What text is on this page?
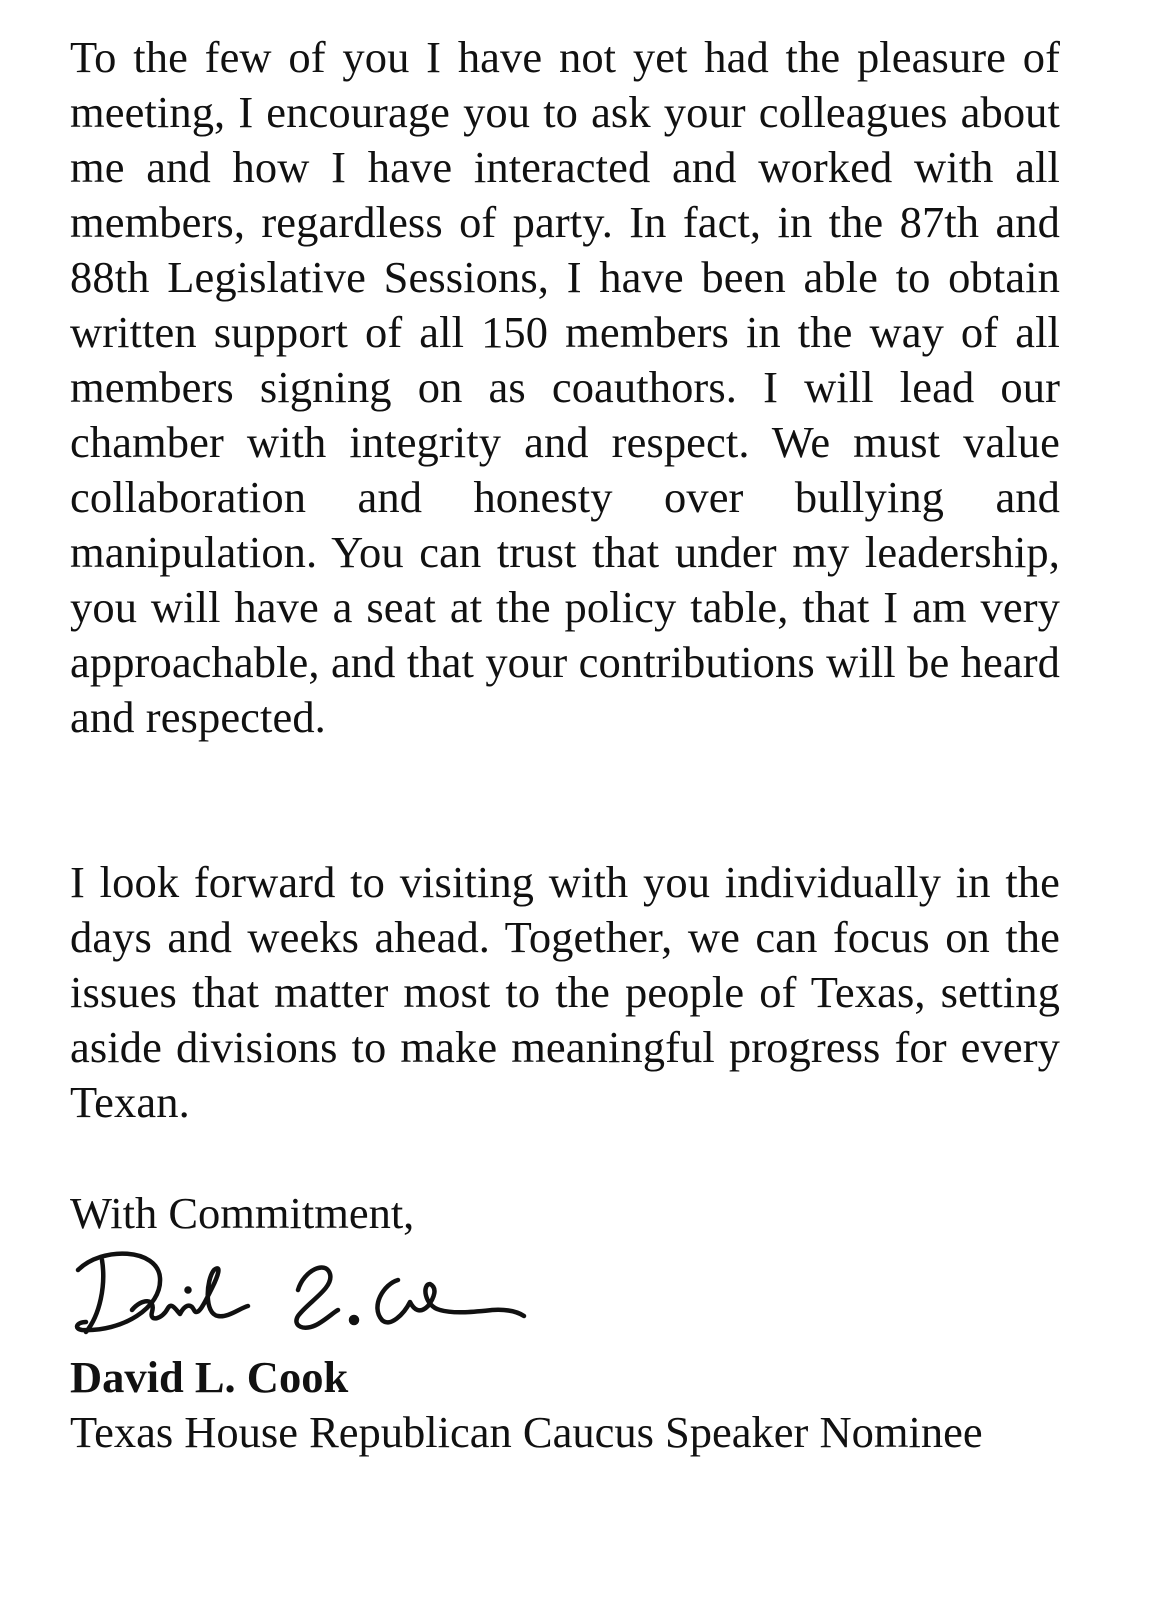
To the few of you I have not yet had the pleasure of meeting, I encourage you to ask your colleagues about me and how I have interacted and worked with all members, regardless of party. In fact, in the 87th and 88th Legislative Sessions, I have been able to obtain written support of all 150 members in the way of all members signing on as coauthors. I will lead our chamber with integrity and respect. We must value collaboration and honesty over bullying and manipulation. You can trust that under my leadership, you will have a seat at the policy table, that I am very approachable, and that your contributions will be heard and respected.

I look forward to visiting with you individually in the days and weeks ahead. Together, we can focus on the issues that matter most to the people of Texas, setting aside divisions to make meaningful progress for every Texan.

With Commitment,

David L. Cook

Texas House Republican Caucus Speaker Nominee
